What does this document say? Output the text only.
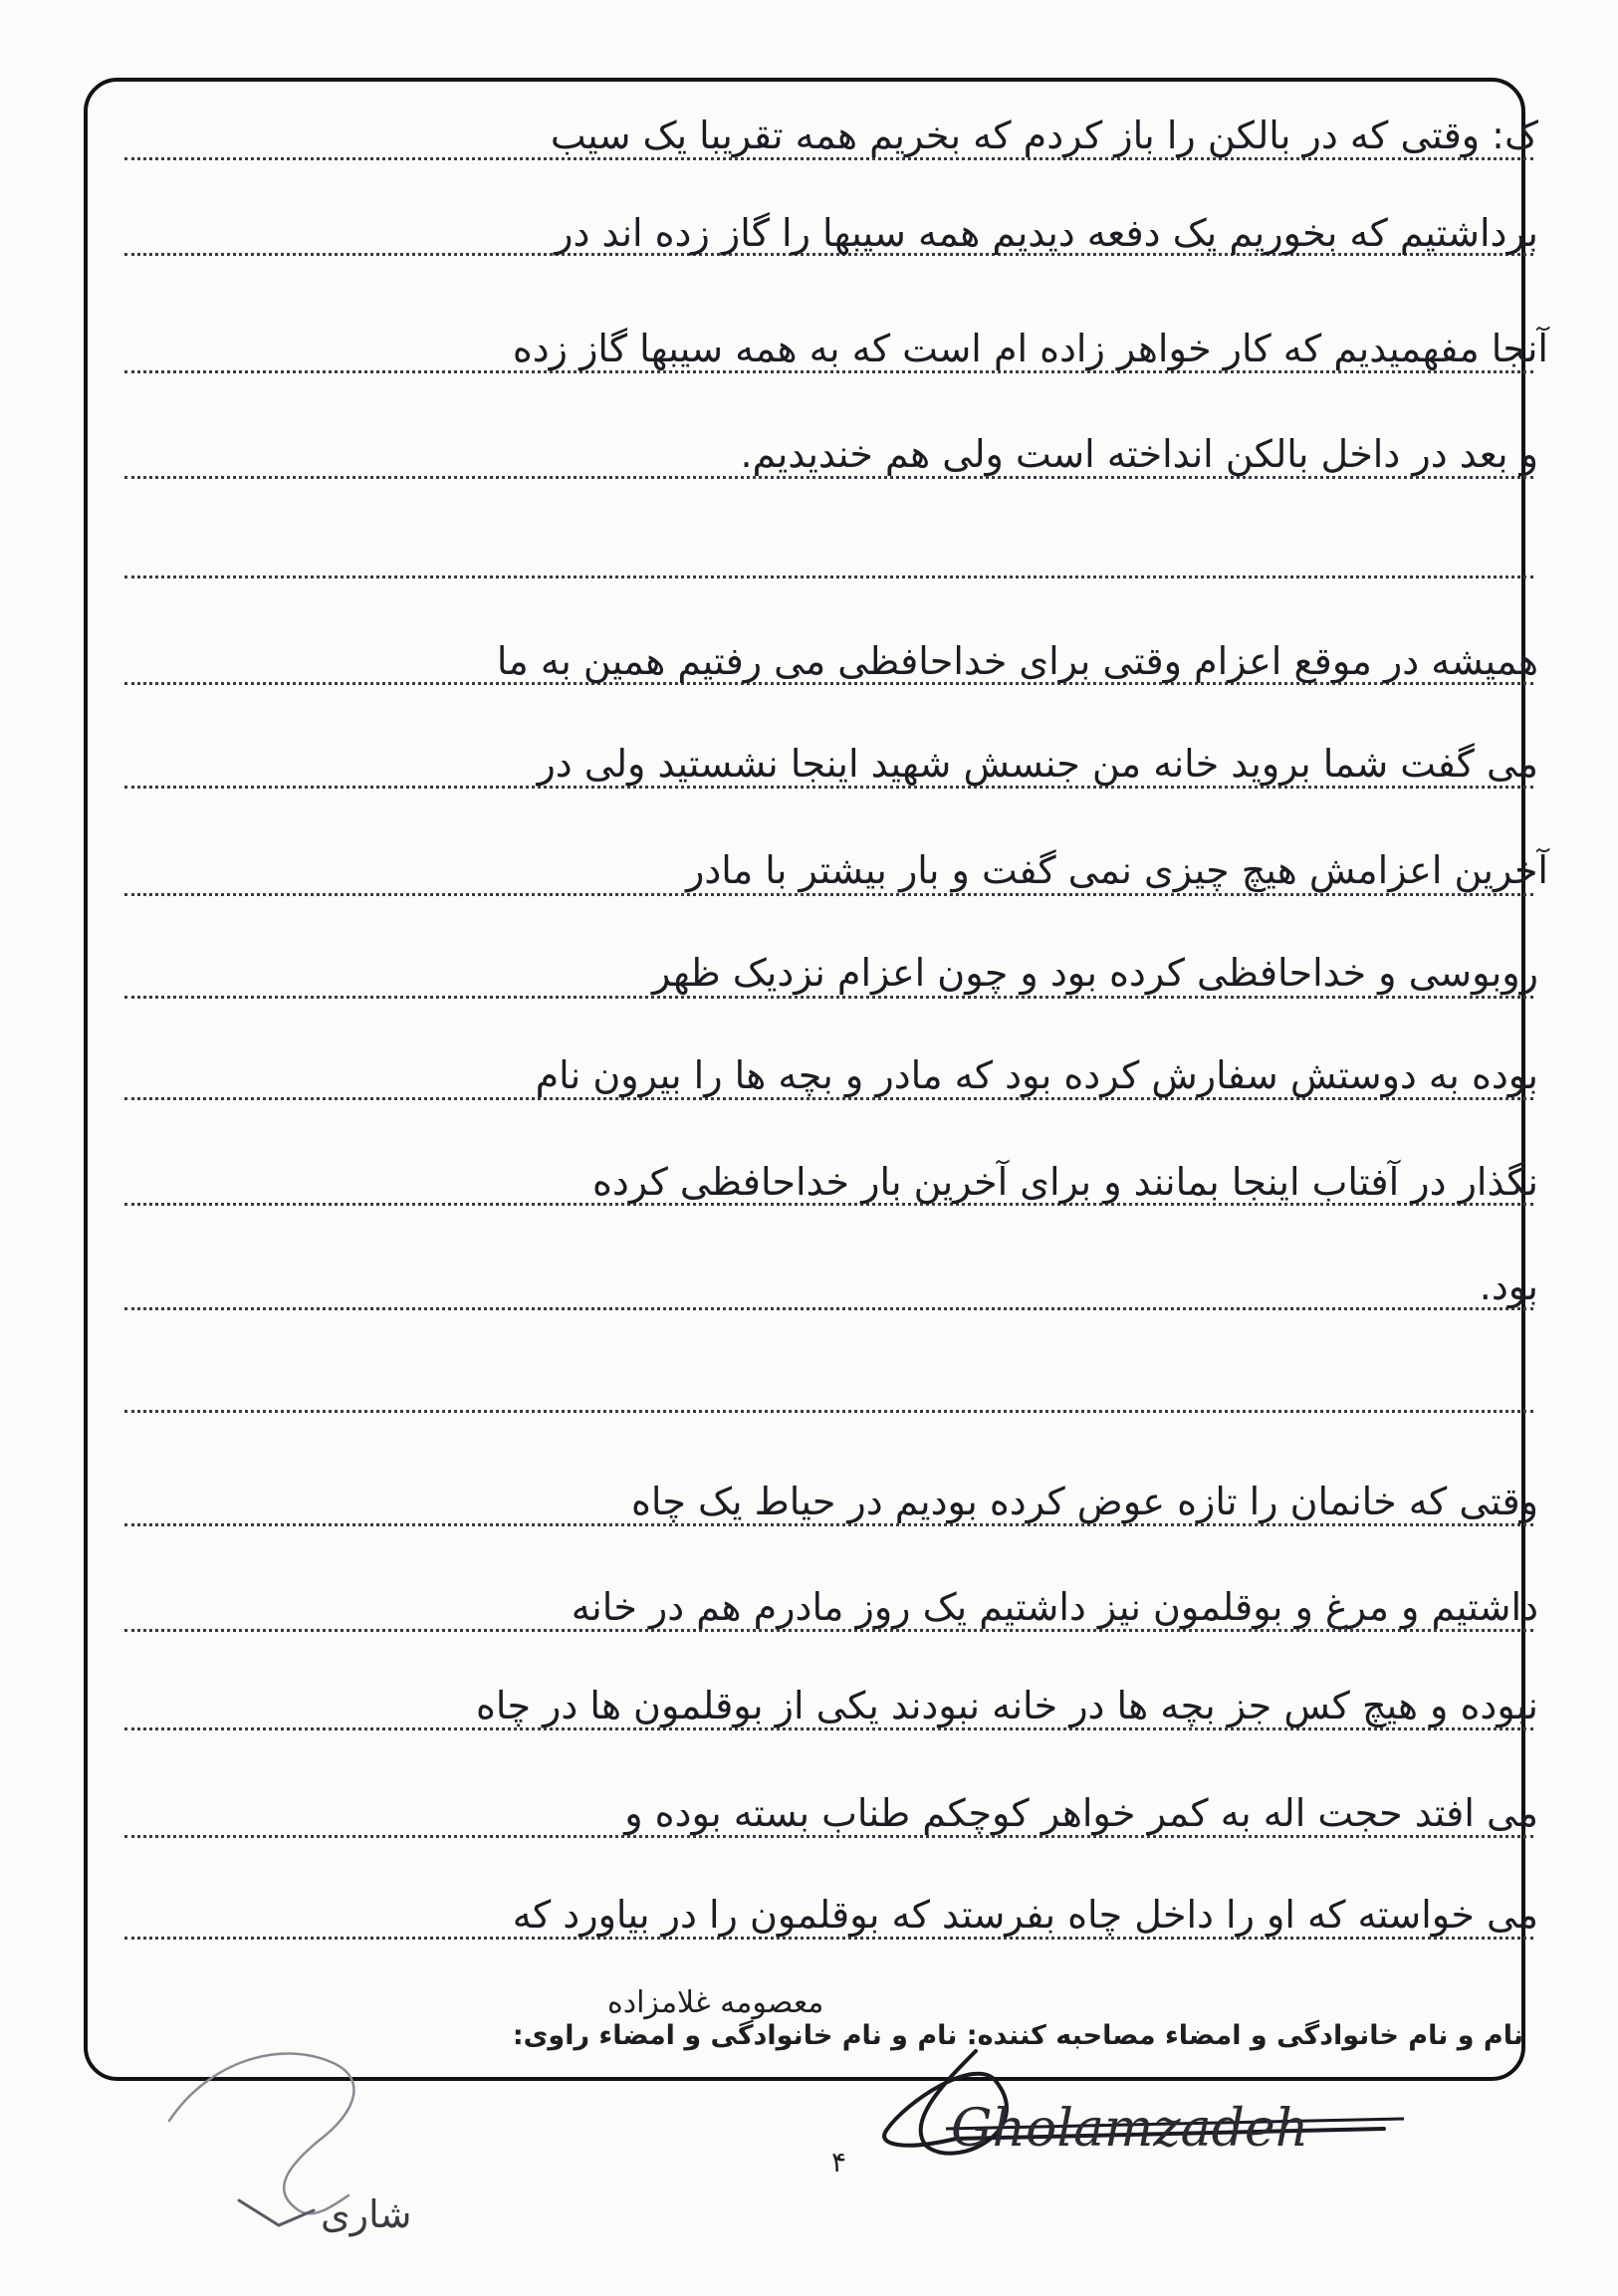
ک: وقتی که در بالکن را باز کردم که بخریم همه تقریبا یک سیب
برداشتیم که بخوریم یک دفعه دیدیم همه سیبها را گاز زده اند در
آنجا مفهمیدیم که کار خواهر زاده ام است که به همه سیبها گاز زده
و بعد در داخل بالکن انداخته است ولی هم خندیدیم.
همیشه در موقع اعزام وقتی برای خداحافظی می رفتیم همین به ما
می گفت شما بروید خانه من جنسش شهید اینجا نشستید ولی در
آخرین اعزامش هیچ چیزی نمی گفت و بار بیشتر با مادر
روبوسی و خداحافظی کرده بود و چون اعزام نزدیک ظهر
بوده به دوستش سفارش کرده بود که مادر و بچه ها را بیرون نام
نگذار در آفتاب اینجا بمانند و برای آخرین بار خداحافظی کرده
بود.
وقتی که خانمان را تازه عوض کرده بودیم در حیاط یک چاه
داشتیم و مرغ و بوقلمون نیز داشتیم یک روز مادرم هم در خانه
نبوده و هیچ کس جز بچه ها در خانه نبودند یکی از بوقلمون ها در چاه
می افتد حجت اله به کمر خواهر کوچکم طناب بسته بوده و
می خواسته که او را داخل چاه بفرستد که بوقلمون را در بیاورد که
معصومه غلامزاده
نام و نام خانوادگی و امضاء مصاحبه کننده: نام و نام خانوادگی و امضاء راوی:
Gholamzadeh
۴
شاری
